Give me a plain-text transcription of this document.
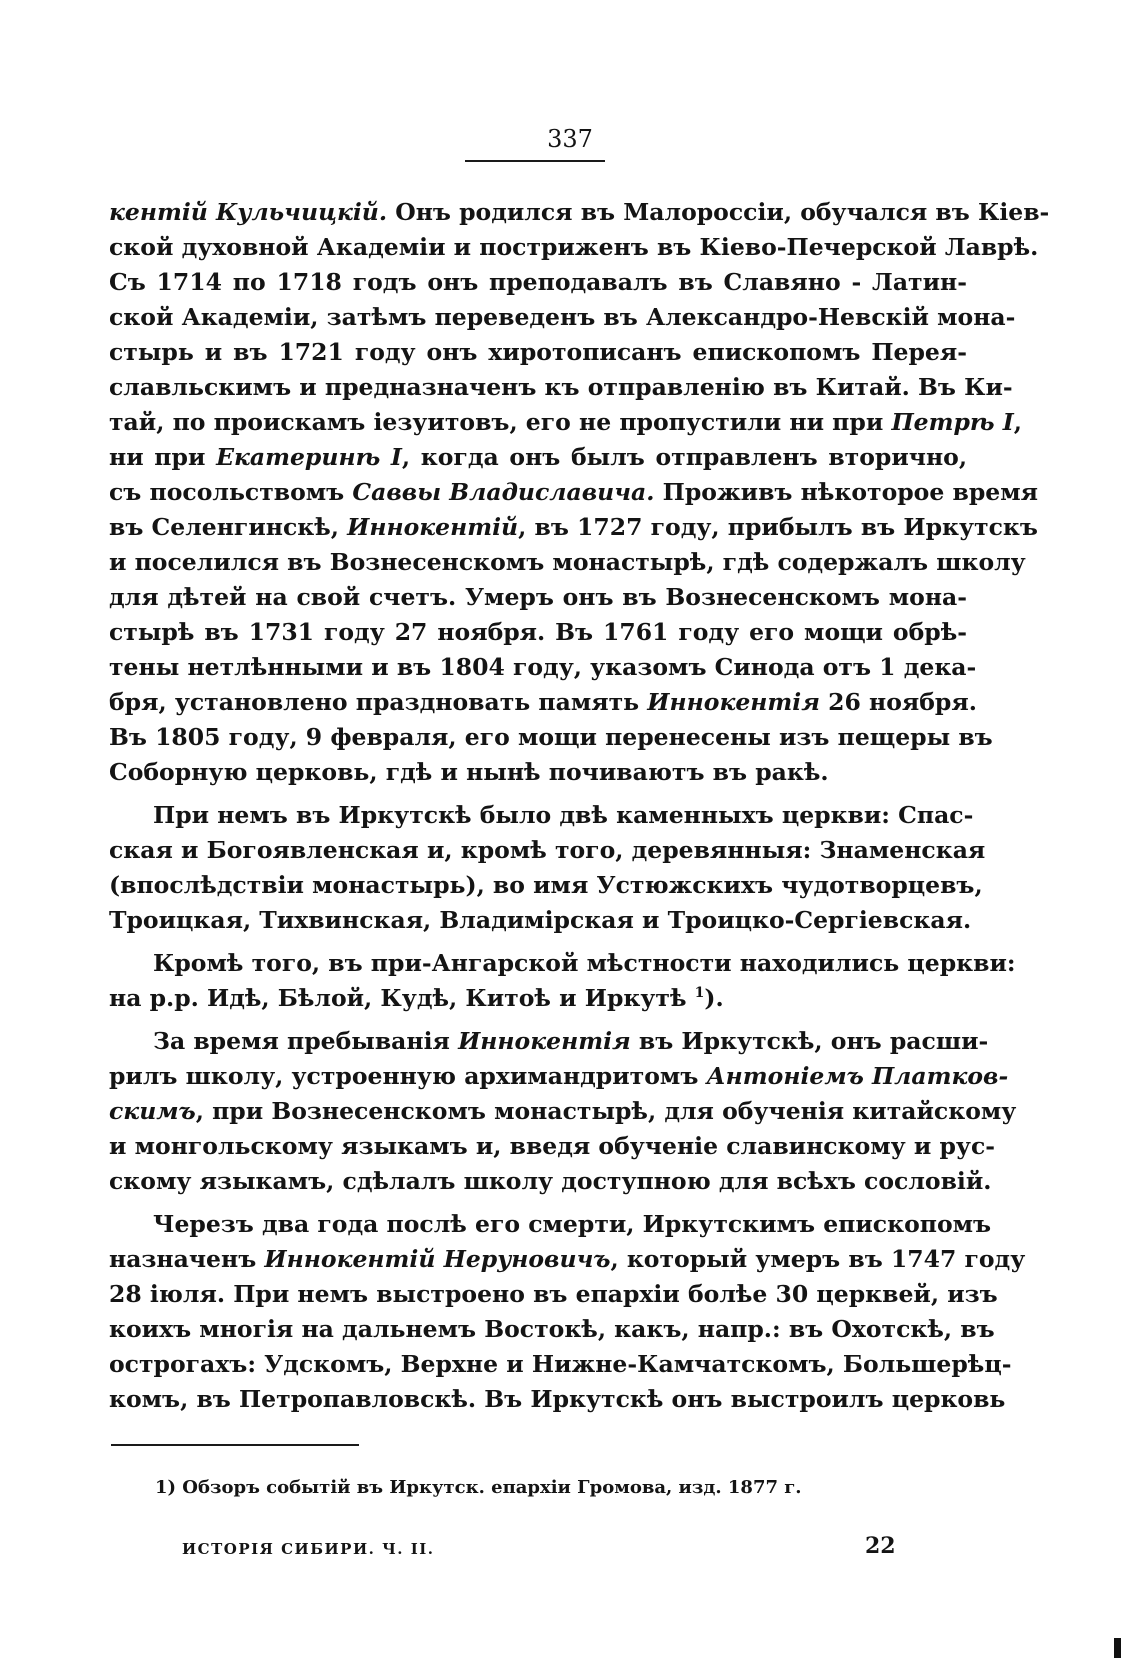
337
кентій Кульчицкій. Онъ родился въ Малороссіи, обучался въ Кіев-
ской духовной Академіи и постриженъ въ Кіево-Печерской Лаврѣ.
Съ 1714 по 1718 годъ онъ преподавалъ въ Славяно - Латин-
ской Академіи, затѣмъ переведенъ въ Александро-Невскій мона-
стырь и въ 1721 году онъ хиротописанъ епископомъ Перея-
славльскимъ и предназначенъ къ отправленію въ Китай. Въ Ки-
тай, по проискамъ іезуитовъ, его не пропустили ни при Петрѣ I,
ни при Екатеринѣ I, когда онъ былъ отправленъ вторично,
съ посольствомъ Саввы Владиславича. Проживъ нѣкоторое время
въ Селенгинскѣ, Иннокентій, въ 1727 году, прибылъ въ Иркутскъ
и поселился въ Вознесенскомъ монастырѣ, гдѣ содержалъ школу
для дѣтей на свой счетъ. Умеръ онъ въ Вознесенскомъ мона-
стырѣ въ 1731 году 27 ноября. Въ 1761 году его мощи обрѣ-
тены нетлѣнными и въ 1804 году, указомъ Синода отъ 1 дека-
бря, установлено праздновать память Иннокентія 26 ноября.
Въ 1805 году, 9 февраля, его мощи перенесены изъ пещеры въ
Соборную церковь, гдѣ и нынѣ почиваютъ въ ракѣ.
При немъ въ Иркутскѣ было двѣ каменныхъ церкви: Спас-
ская и Богоявленская и, кромѣ того, деревянныя: Знаменская
(впослѣдствіи монастырь), во имя Устюжскихъ чудотворцевъ,
Троицкая, Тихвинская, Владимірская и Троицко-Сергіевская.
Кромѣ того, въ при-Ангарской мѣстности находились церкви:
на р.р. Идѣ, Бѣлой, Кудѣ, Китоѣ и Иркутѣ $^1$).
За время пребыванія Иннокентія въ Иркутскѣ, онъ расши-
рилъ школу, устроенную архимандритомъ Антоніемъ Платков-
скимъ, при Вознесенскомъ монастырѣ, для обученія китайскому
и монгольскому языкамъ и, введя обученіе славинскому и рус-
скому языкамъ, сдѣлалъ школу доступною для всѣхъ сословій.
Черезъ два года послѣ его смерти, Иркутскимъ епископомъ
назначенъ Иннокентій Неруновичъ, который умеръ въ 1747 году
28 іюля. При немъ выстроено въ епархіи болѣе 30 церквей, изъ
коихъ многія на дальнемъ Востокѣ, какъ, напр.: въ Охотскѣ, въ
острогахъ: Удскомъ, Верхне и Нижне-Камчатскомъ, Большерѣц-
комъ, въ Петропавловскѣ. Въ Иркутскѣ онъ выстроилъ церковь
1) Обзоръ событій въ Иркутск. епархіи Громова, изд. 1877 г.
ИСТОРІЯ СИБИРИ. Ч. II.	22
